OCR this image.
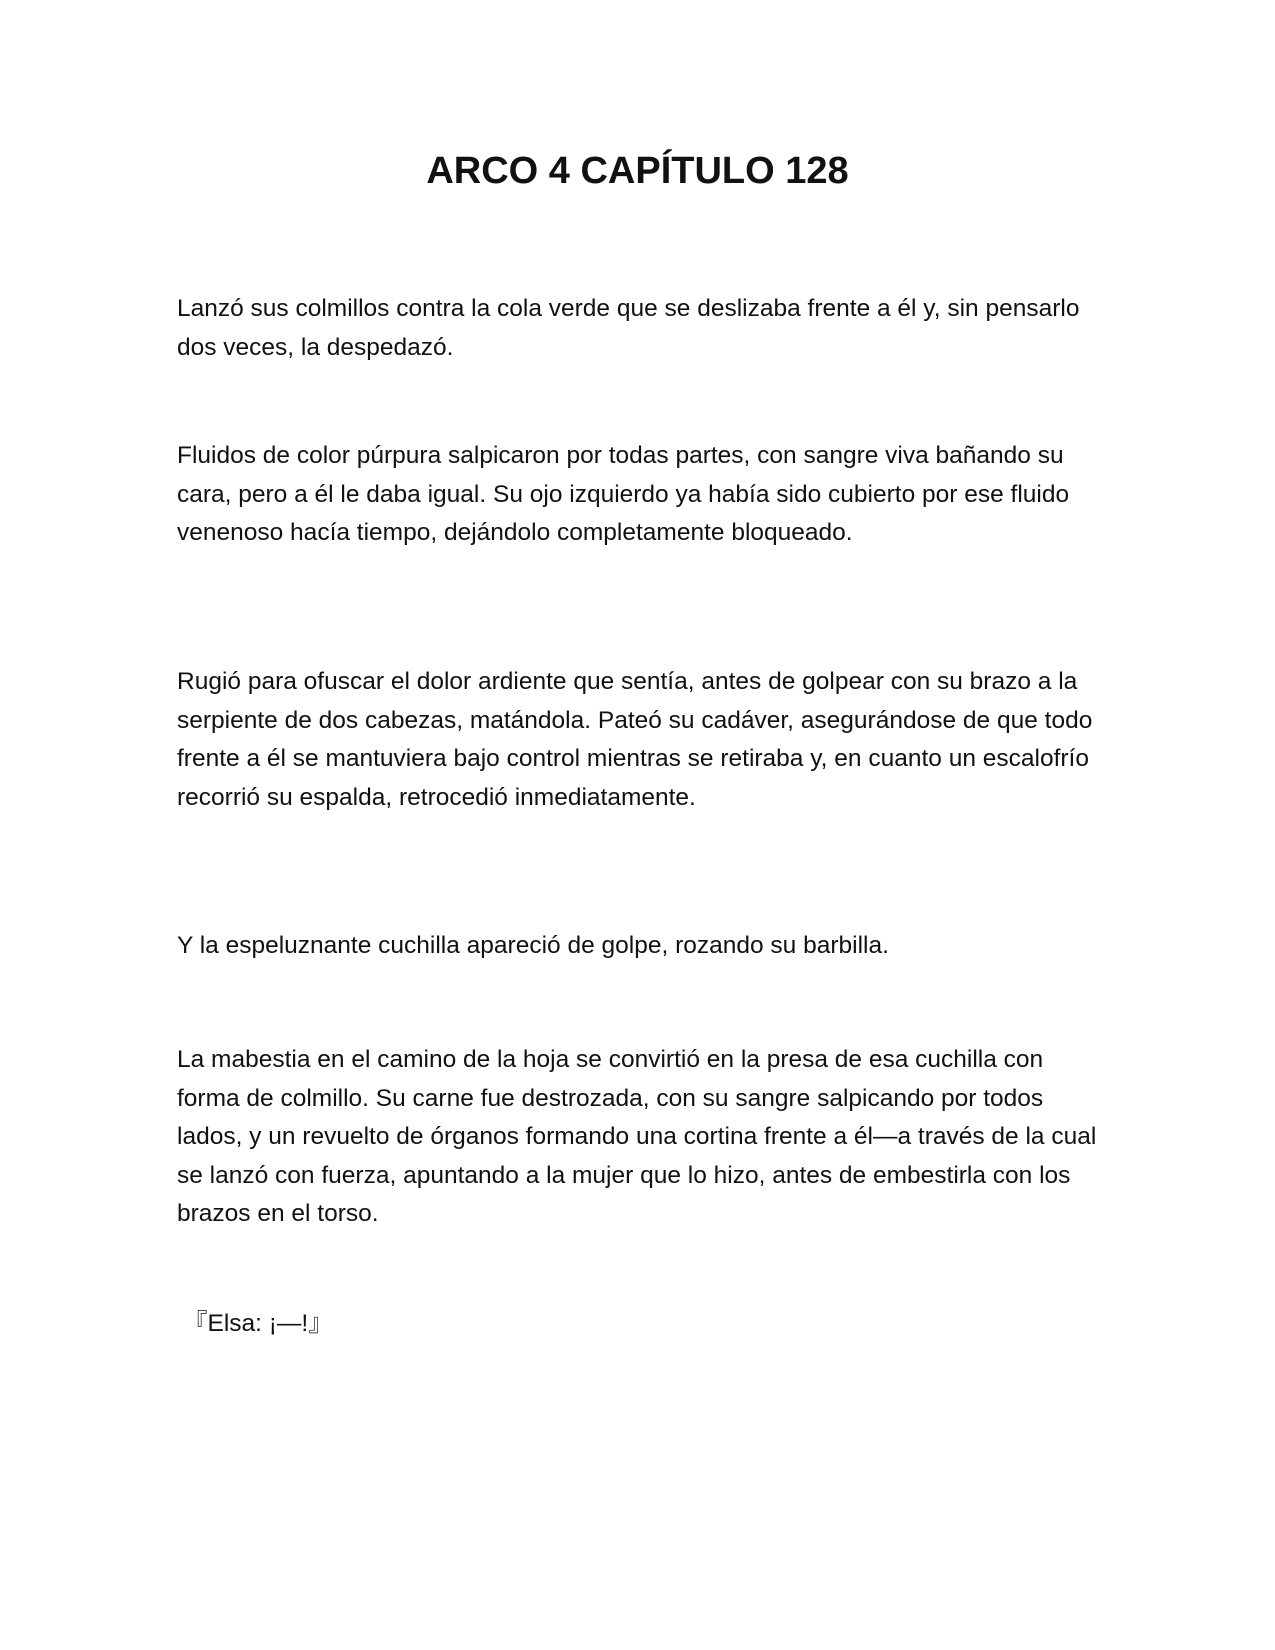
ARCO 4 CAPÍTULO 128

Lanzó sus colmillos contra la cola verde que se deslizaba frente a él y, sin pensarlo dos veces, la despedazó.

Fluidos de color púrpura salpicaron por todas partes, con sangre viva bañando su cara, pero a él le daba igual. Su ojo izquierdo ya había sido cubierto por ese fluido venenoso hacía tiempo, dejándolo completamente bloqueado.

Rugió para ofuscar el dolor ardiente que sentía, antes de golpear con su brazo a la serpiente de dos cabezas, matándola. Pateó su cadáver, asegurándose de que todo frente a él se mantuviera bajo control mientras se retiraba y, en cuanto un escalofrío recorrió su espalda, retrocedió inmediatamente.

Y la espeluznante cuchilla apareció de golpe, rozando su barbilla.

La mabestia en el camino de la hoja se convirtió en la presa de esa cuchilla con forma de colmillo. Su carne fue destrozada, con su sangre salpicando por todos lados, y un revuelto de órganos formando una cortina frente a él—a través de la cual se lanzó con fuerza, apuntando a la mujer que lo hizo, antes de embestirla con los brazos en el torso.

『Elsa: ¡—!』
